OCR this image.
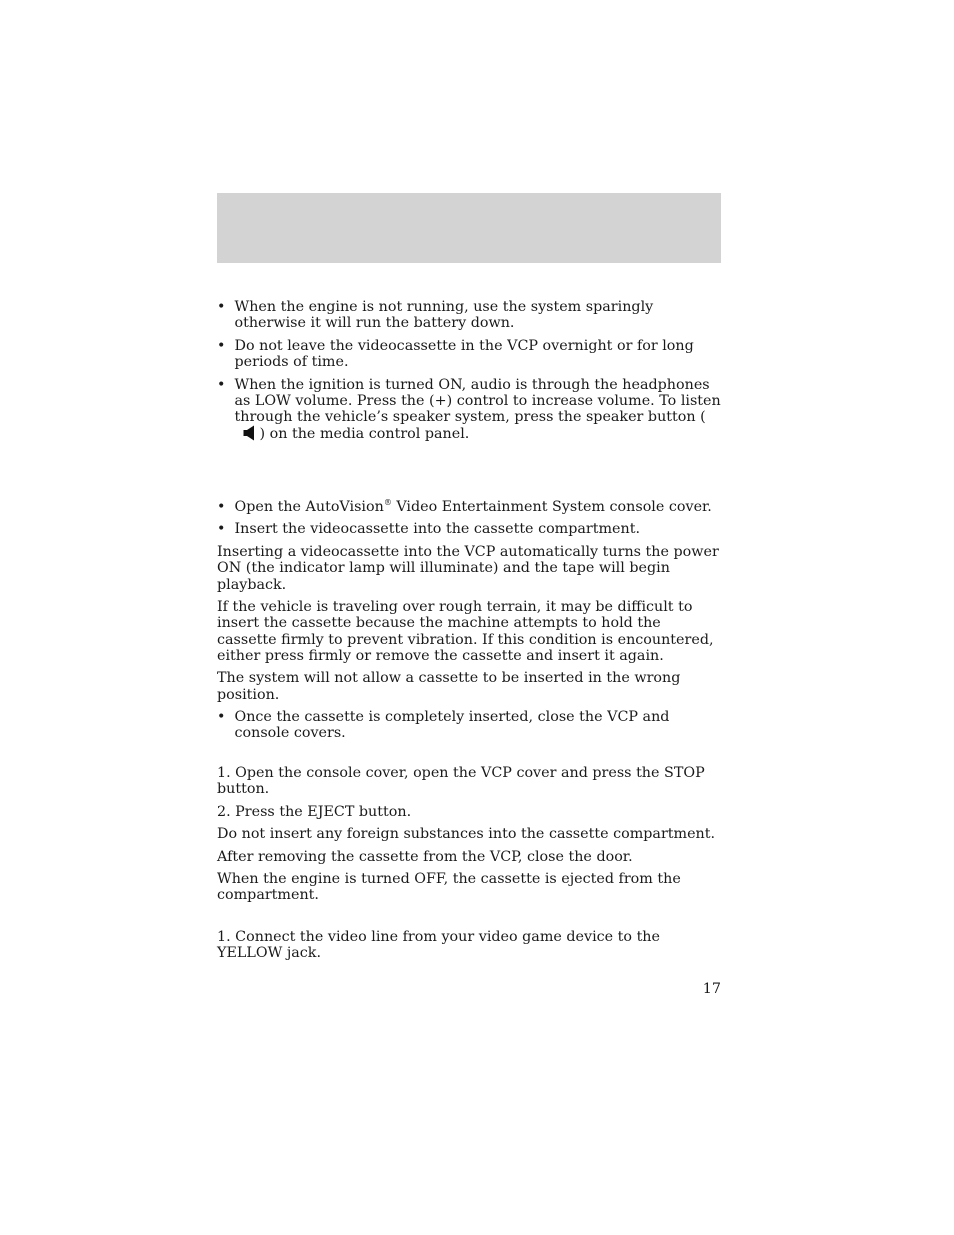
• When the engine is not running, use the system sparingly otherwise it will run the battery down.
• Do not leave the videocassette in the VCP overnight or for long periods of time.
• When the ignition is turned ON, audio is through the headphones as LOW volume. Press the (+) control to increase volume. To listen through the vehicle’s speaker system, press the speaker button () on the media control panel.
• Open the AutoVision® Video Entertainment System console cover.
• Insert the videocassette into the cassette compartment.

Inserting a videocassette into the VCP automatically turns the power ON (the indicator lamp will illuminate) and the tape will begin playback.

If the vehicle is traveling over rough terrain, it may be difficult to insert the cassette because the machine attempts to hold the cassette firmly to prevent vibration. If this condition is encountered, either press firmly or remove the cassette and insert it again.

The system will not allow a cassette to be inserted in the wrong position.

• Once the cassette is completely inserted, close the VCP and console covers.

1. Open the console cover, open the VCP cover and press the STOP button.

2. Press the EJECT button.

Do not insert any foreign substances into the cassette compartment.

After removing the cassette from the VCP, close the door.

When the engine is turned OFF, the cassette is ejected from the compartment.

1. Connect the video line from your video game device to the YELLOW jack.

17
